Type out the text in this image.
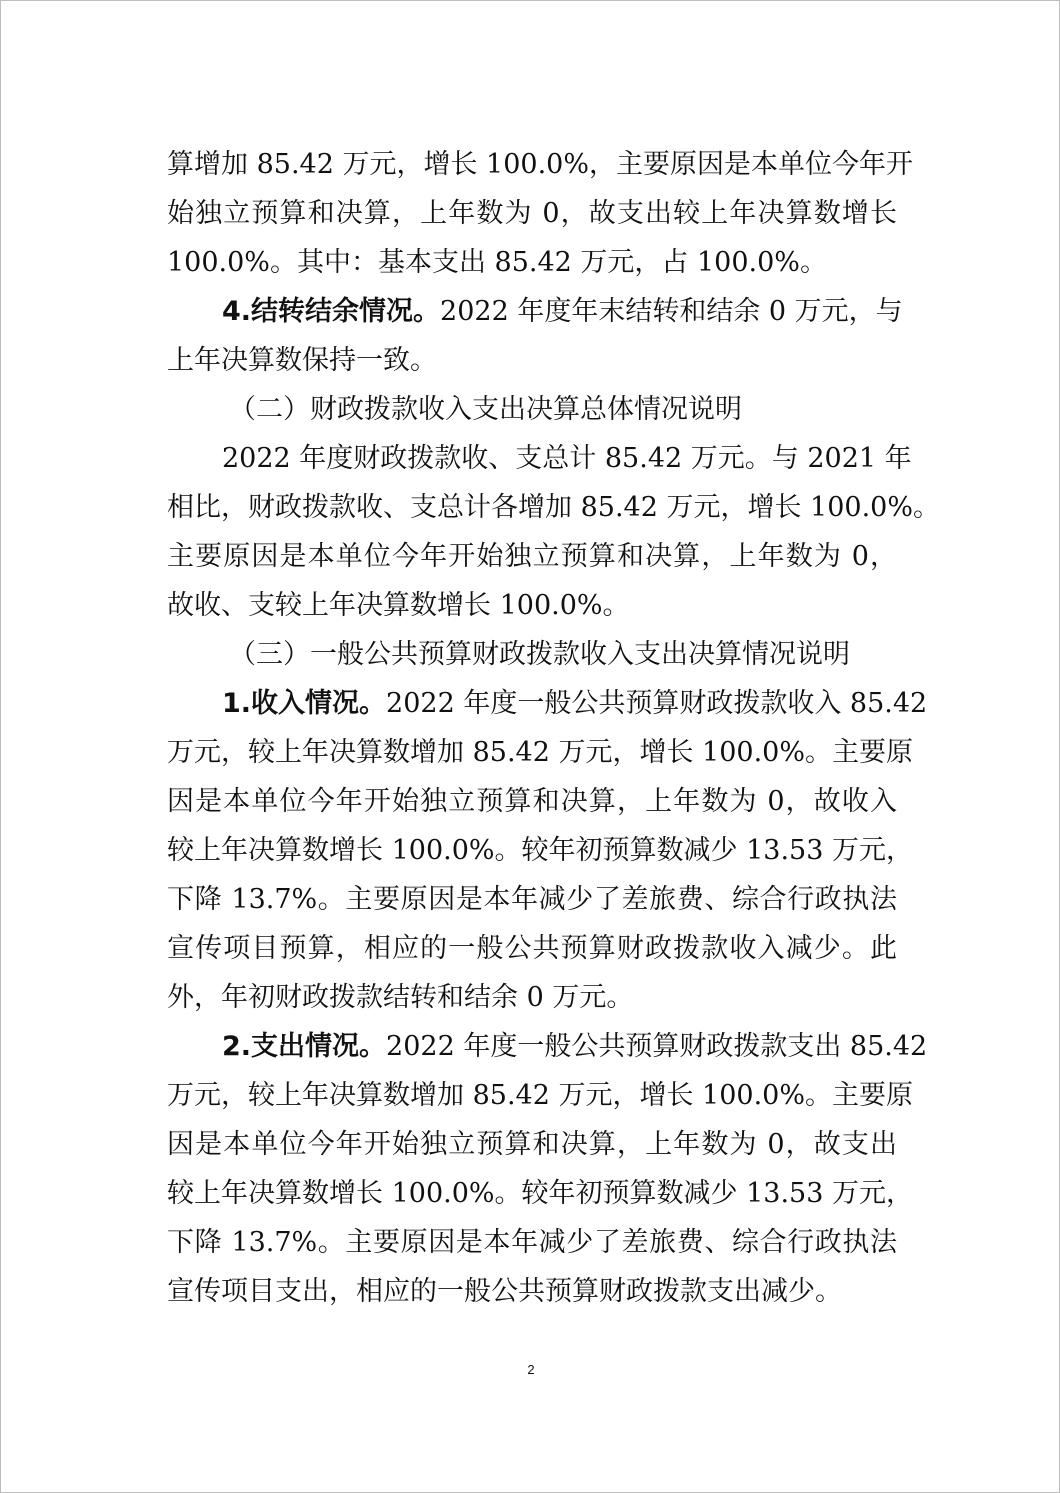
算增加 85.42 万元，增长 100.0%，主要原因是本单位今年开
始独立预算和决算，上年数为 0，故支出较上年决算数增长
100.0%。其中：基本支出 85.42 万元，占 100.0%。
4.结转结余情况。2022 年度年末结转和结余 0 万元，与
上年决算数保持一致。
（二）财政拨款收入支出决算总体情况说明
2022 年度财政拨款收、支总计 85.42 万元。与 2021 年
相比，财政拨款收、支总计各增加 85.42 万元，增长 100.0%。
主要原因是本单位今年开始独立预算和决算，上年数为 0，
故收、支较上年决算数增长 100.0%。
（三）一般公共预算财政拨款收入支出决算情况说明
1.收入情况。2022 年度一般公共预算财政拨款收入 85.42
万元，较上年决算数增加 85.42 万元，增长 100.0%。主要原
因是本单位今年开始独立预算和决算，上年数为 0，故收入
较上年决算数增长 100.0%。较年初预算数减少 13.53 万元，
下降 13.7%。主要原因是本年减少了差旅费、综合行政执法
宣传项目预算，相应的一般公共预算财政拨款收入减少。此
外，年初财政拨款结转和结余 0 万元。
2.支出情况。2022 年度一般公共预算财政拨款支出 85.42
万元，较上年决算数增加 85.42 万元，增长 100.0%。主要原
因是本单位今年开始独立预算和决算，上年数为 0，故支出
较上年决算数增长 100.0%。较年初预算数减少 13.53 万元，
下降 13.7%。主要原因是本年减少了差旅费、综合行政执法
宣传项目支出，相应的一般公共预算财政拨款支出减少。
2
